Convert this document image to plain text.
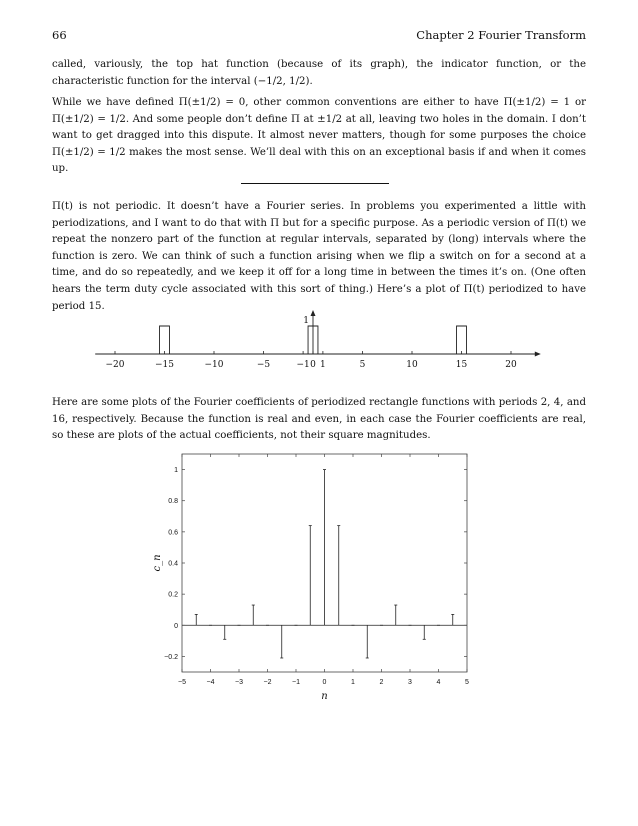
66	Chapter 2 Fourier Transform

called, variously, the top hat function (because of its graph), the indicator function, or the characteristic function for the interval (−1/2, 1/2).

While we have defined Π(±1/2) = 0, other common conventions are either to have Π(±1/2) = 1 or Π(±1/2) = 1/2. And some people don’t define Π at ±1/2 at all, leaving two holes in the domain. I don’t want to get dragged into this dispute. It almost never matters, though for some purposes the choice Π(±1/2) = 1/2 makes the most sense. We’ll deal with this on an exceptional basis if and when it comes up.

Π(t) is not periodic. It doesn’t have a Fourier series. In problems you experimented a little with periodizations, and I want to do that with Π but for a specific purpose. As a periodic version of Π(t) we repeat the nonzero part of the function at regular intervals, separated by (long) intervals where the function is zero. We can think of such a function arising when we flip a switch on for a second at a time, and do so repeatedly, and we keep it off for a long time in between the times it’s on. (One often hears the term duty cycle associated with this sort of thing.) Here’s a plot of Π(t) periodized to have period 15.

−20	−15	−10	−5	−1 0 1	5	10	15	20
1

Here are some plots of the Fourier coefficients of periodized rectangle functions with periods 2, 4, and 16, respectively. Because the function is real and even, in each case the Fourier coefficients are real, so these are plots of the actual coefficients, not their square magnitudes.

−5	−4	−3	−2	−1	0	1	2	3	4	5
−0.2
0
0.2
0.4
0.6
0.8
1
n
c_n
